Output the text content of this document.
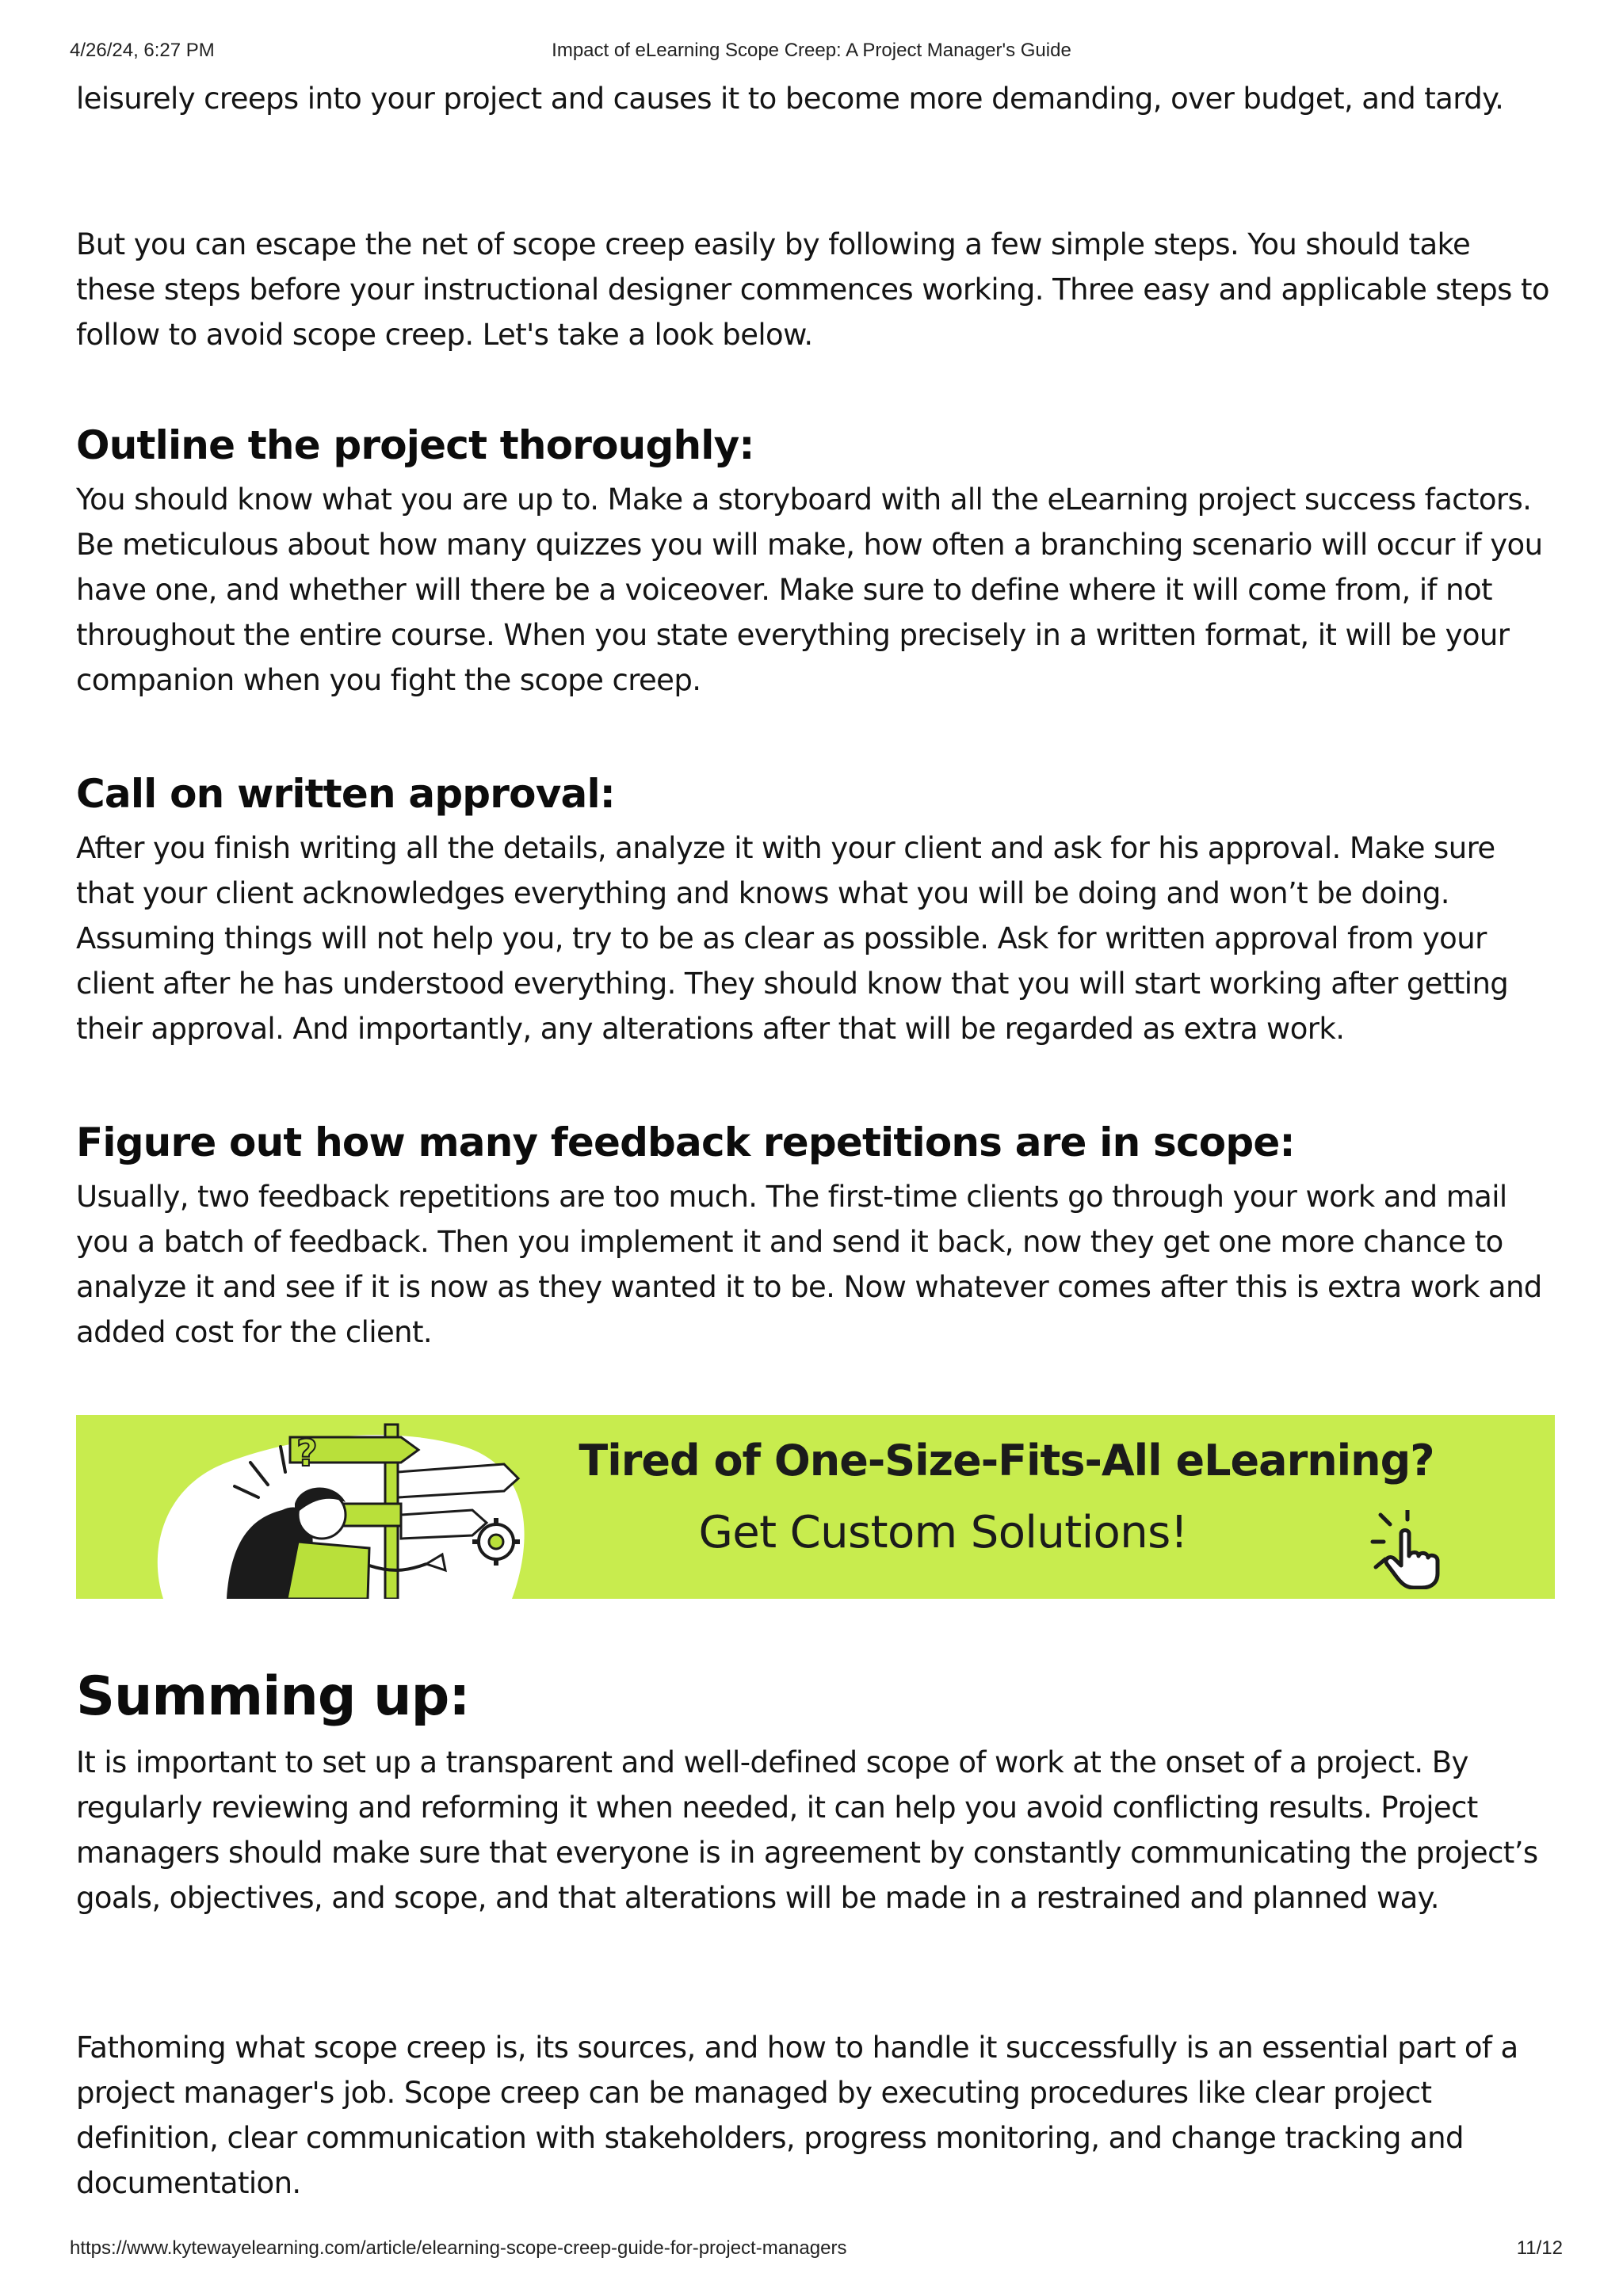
4/26/24, 6:27 PM	Impact of eLearning Scope Creep: A Project Manager's Guide

leisurely creeps into your project and causes it to become more demanding, over budget, and tardy.

But you can escape the net of scope creep easily by following a few simple steps. You should take these steps before your instructional designer commences working. Three easy and applicable steps to follow to avoid scope creep. Let's take a look below.

Outline the project thoroughly:

You should know what you are up to. Make a storyboard with all the eLearning project success factors. Be meticulous about how many quizzes you will make, how often a branching scenario will occur if you have one, and whether will there be a voiceover. Make sure to define where it will come from, if not throughout the entire course. When you state everything precisely in a written format, it will be your companion when you fight the scope creep.

Call on written approval:

After you finish writing all the details, analyze it with your client and ask for his approval. Make sure that your client acknowledges everything and knows what you will be doing and won’t be doing. Assuming things will not help you, try to be as clear as possible. Ask for written approval from your client after he has understood everything. They should know that you will start working after getting their approval. And importantly, any alterations after that will be regarded as extra work.

Figure out how many feedback repetitions are in scope:

Usually, two feedback repetitions are too much. The first-time clients go through your work and mail you a batch of feedback. Then you implement it and send it back, now they get one more chance to analyze it and see if it is now as they wanted it to be. Now whatever comes after this is extra work and added cost for the client.

Summing up:

It is important to set up a transparent and well-defined scope of work at the onset of a project. By regularly reviewing and reforming it when needed, it can help you avoid conflicting results. Project managers should make sure that everyone is in agreement by constantly communicating the project’s goals, objectives, and scope, and that alterations will be made in a restrained and planned way.

Fathoming what scope creep is, its sources, and how to handle it successfully is an essential part of a project manager's job. Scope creep can be managed by executing procedures like clear project definition, clear communication with stakeholders, progress monitoring, and change tracking and documentation.

?	Tired of One-Size-Fits-All eLearning?
Get Custom Solutions!
https://www.kytewayelearning.com/article/elearning-scope-creep-guide-for-project-managers	11/12
